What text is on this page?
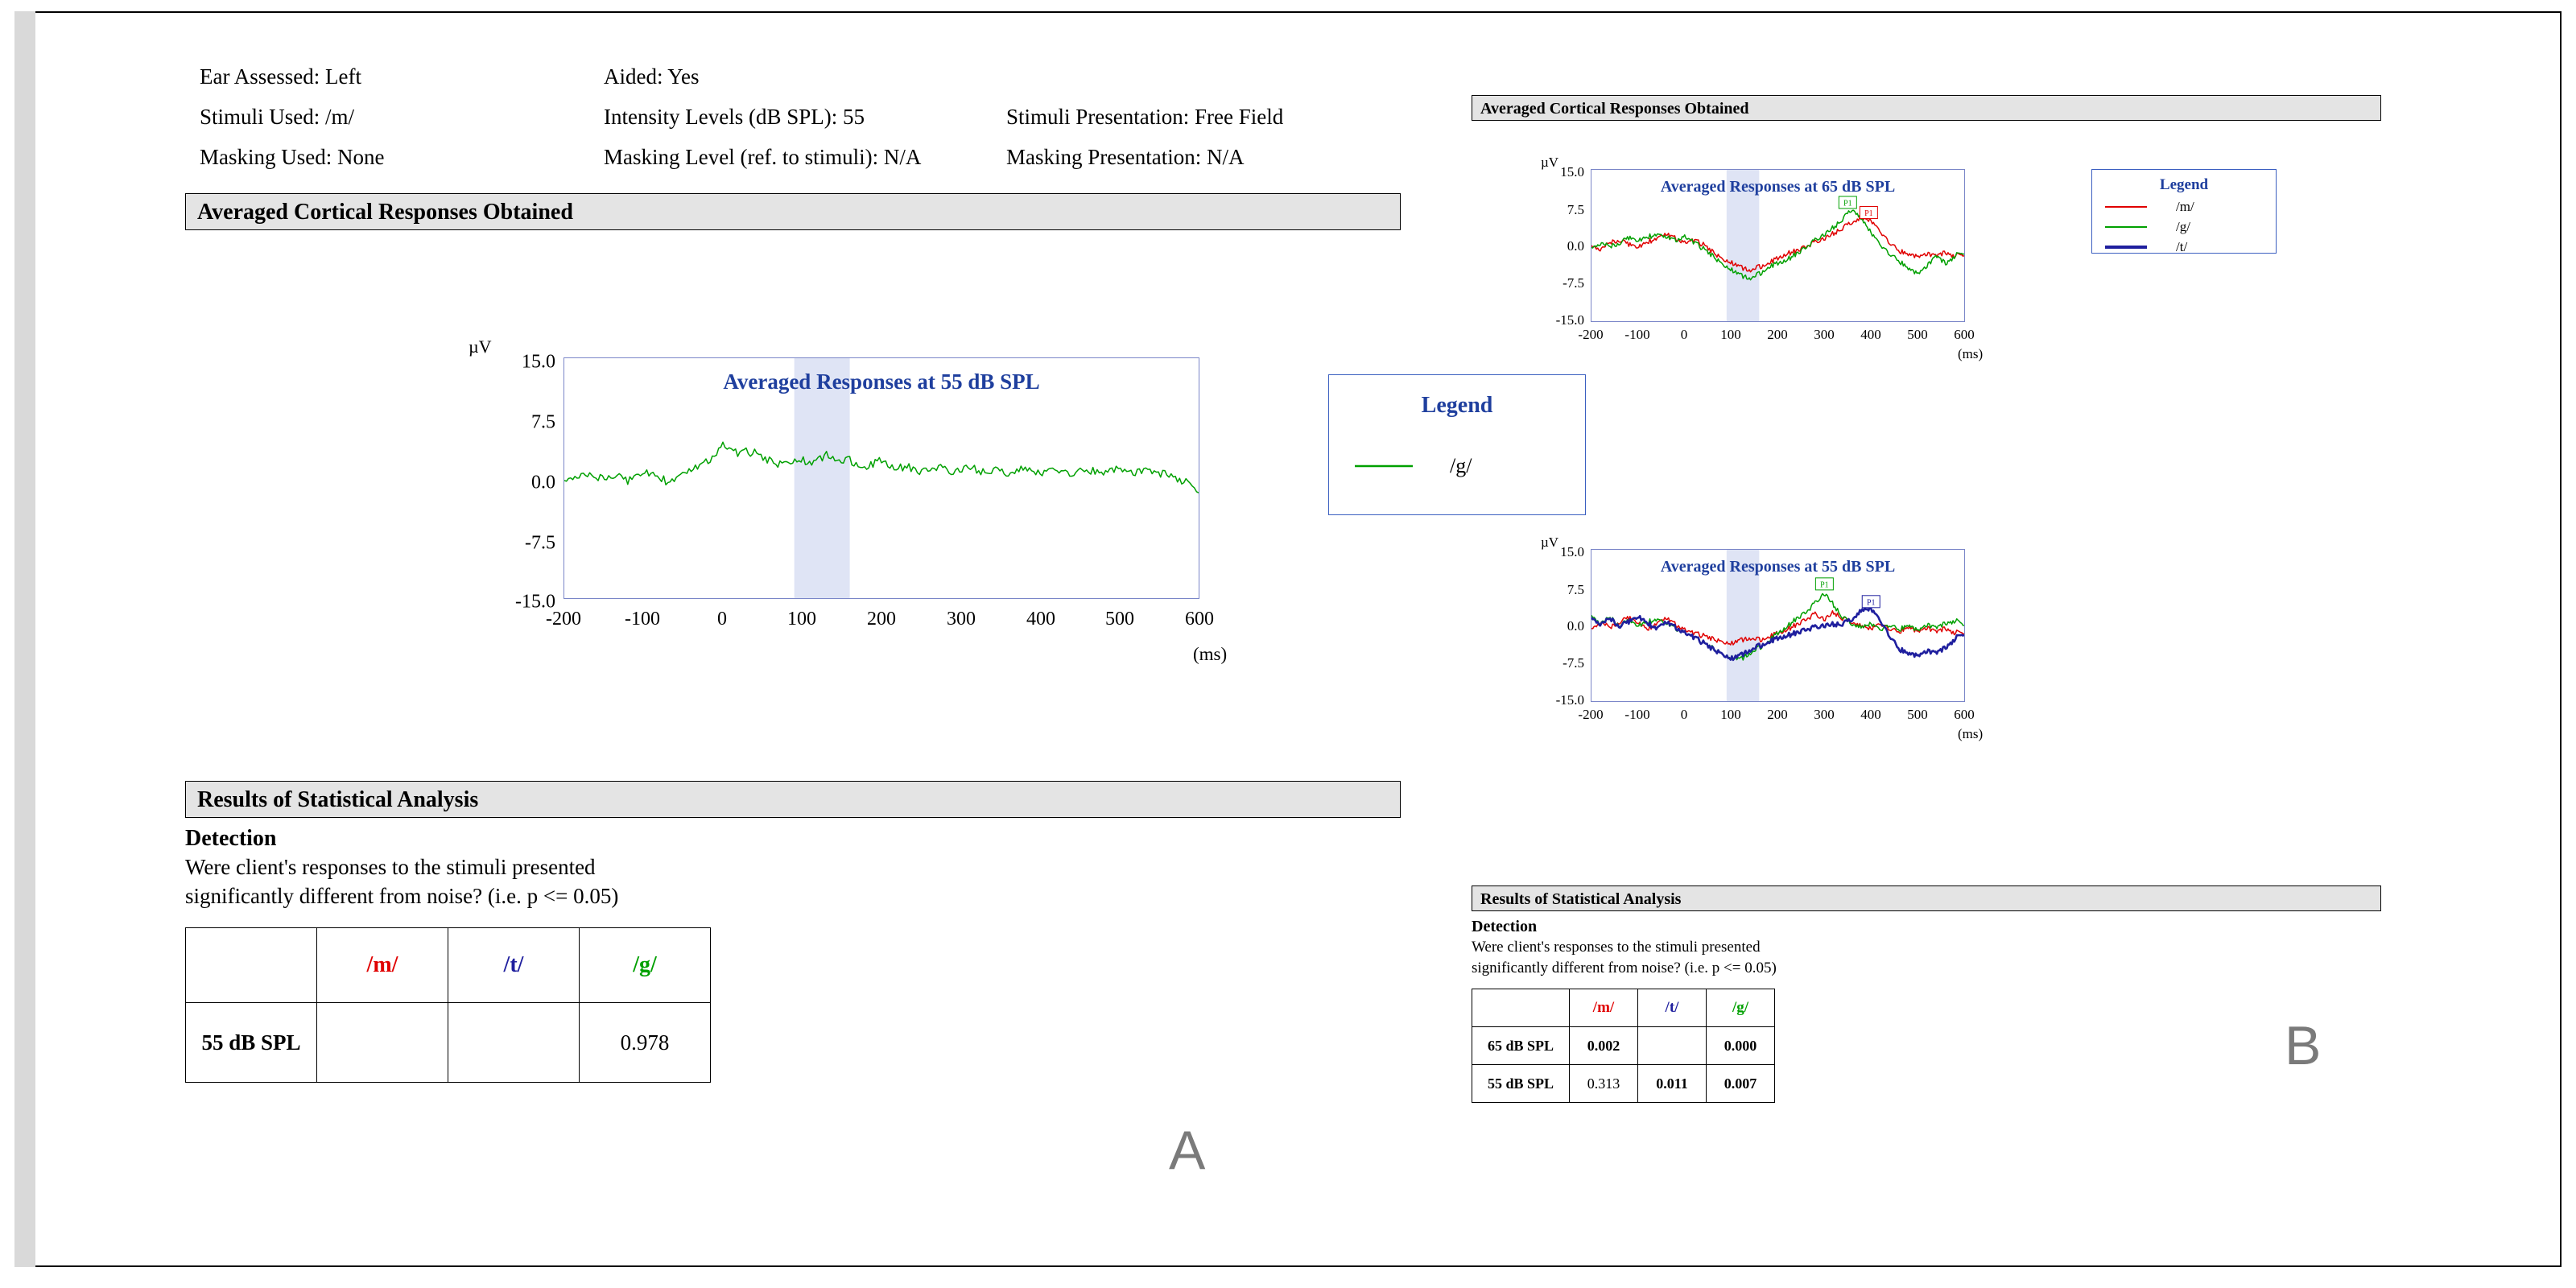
Ear Assessed: Left	Aided: Yes
Stimuli Used: /m/	Intensity Levels (dB SPL): 55	Stimuli Presentation: Free Field
Masking Used: None	Masking Level (ref. to stimuli): N/A	Masking Presentation: N/A
Averaged Cortical Responses Obtained
µV
Averaged Responses at 55 dB SPL
15.0
7.5
0.0
-7.5
-15.0
-200 -100	0	100	200	300	400	500	600
(ms)
Legend
/g/
Results of Statistical Analysis
Detection
Were client's responses to the stimuli presented
significantly different from noise? (i.e. p <= 0.05)
	/m/	/t/	/g/
55 dB SPL			0.978
A
Averaged Cortical Responses Obtained
µV
Averaged Responses at 65 dB SPL
P1
P1
15.0
7.5
0.0
-7.5
-15.0
-200 -100 0 100 200 300 400 500 600
(ms)
Legend
/m/
/g/
/t/
µV
Averaged Responses at 55 dB SPL
P1
P1
15.0
7.5
0.0
-7.5
-15.0
-200 -100 0 100 200 300 400 500 600
(ms)
Results of Statistical Analysis
Detection
Were client's responses to the stimuli presented
significantly different from noise? (i.e. p <= 0.05)
	/m/	/t/	/g/
65 dB SPL	0.002		0.000
55 dB SPL	0.313	0.011	0.007
B
